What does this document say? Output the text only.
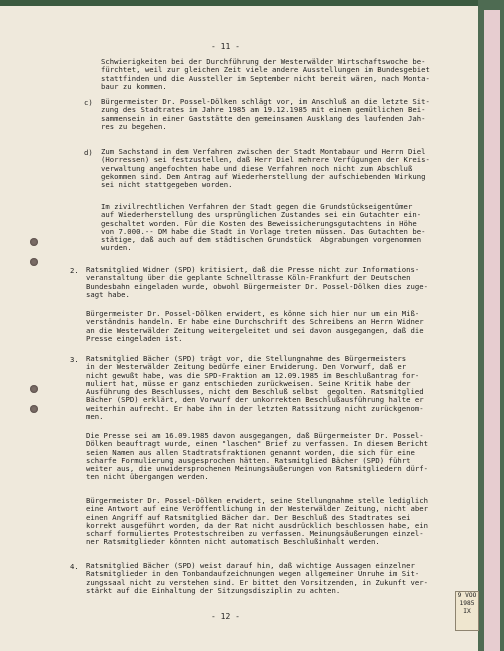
- 11 -
Schwierigkeiten bei der Durchführung der Westerwälder Wirtschaftswoche be-
fürchtet, weil zur gleichen Zeit viele andere Ausstellungen im Bundesgebiet
stattfinden und die Aussteller im September nicht bereit wären, nach Monta-
baur zu kommen.
c) Bürgermeister Dr. Possel-Dölken schlägt vor, im Anschluß an die letzte Sit-
zung des Stadtrates im Jahre 1985 am 19.12.1985 mit einem gemütlichen Bei-
sammensein in einer Gaststätte den gemeinsamen Ausklang des laufenden Jah-
res zu begehen.
d) Zum Sachstand in dem Verfahren zwischen der Stadt Montabaur und Herrn Diel
(Horressen) sei festzustellen, daß Herr Diel mehrere Verfügungen der Kreis-
verwaltung angefochten habe und diese Verfahren noch nicht zum Abschluß
gekommen sind. Dem Antrag auf Wiederherstellung der aufschiebenden Wirkung
sei nicht stattgegeben worden.
Im zivilrechtlichen Verfahren der Stadt gegen die Grundstückseigentümer
auf Wiederherstellung des ursprünglichen Zustandes sei ein Gutachter ein-
geschaltet worden. Für die Kosten des Beweissicherungsgutachtens in Höhe
von 7.000.-- DM habe die Stadt in Vorlage treten müssen. Das Gutachten be-
stätige, daß auch auf dem städtischen Grundstück  Abgrabungen vorgenommen
wurden.
2. Ratsmitglied Widner (SPD) kritisiert, daß die Presse nicht zur Informations-
veranstaltung über die geplante Schnelltrasse Köln-Frankfurt der Deutschen
Bundesbahn eingeladen wurde, obwohl Bürgermeister Dr. Possel-Dölken dies zuge-
sagt habe.
Bürgermeister Dr. Possel-Dölken erwidert, es könne sich hier nur um ein Miß-
verständnis handeln. Er habe eine Durchschrift des Schreibens an Herrn Widner
an die Westerwälder Zeitung weitergeleitet und sei davon ausgegangen, daß die
Presse eingeladen ist.
3. Ratsmitglied Bächer (SPD) trägt vor, die Stellungnahme des Bürgermeisters
in der Westerwälder Zeitung bedürfe einer Erwiderung. Den Vorwurf, daß er
nicht gewußt habe, was die SPD-Fraktion am 12.09.1985 im Beschlußantrag for-
muliert hat, müsse er ganz entschieden zurückweisen. Seine Kritik habe der
Ausführung des Beschlusses, nicht dem Beschluß selbst  gegolten. Ratsmitglied
Bächer (SPD) erklärt, den Vorwurf der unkorrekten Beschlußausführung halte er
weiterhin aufrecht. Er habe ihn in der letzten Ratssitzung nicht zurückgenom-
men.
Die Presse sei am 16.09.1985 davon ausgegangen, daß Bürgermeister Dr. Possel-
Dölken beauftragt wurde, einen "laschen" Brief zu verfassen. In diesem Bericht
seien Namen aus allen Stadtratsfraktionen genannt worden, die sich für eine
scharfe Formulierung ausgesprochen hätten. Ratsmitglied Bächer (SPD) führt
weiter aus, die unwidersprochenen Meinungsäußerungen von Ratsmitgliedern dürf-
ten nicht übergangen werden.
Bürgermeister Dr. Possel-Dölken erwidert, seine Stellungnahme stelle lediglich
eine Antwort auf eine Veröffentlichung in der Westerwälder Zeitung, nicht aber
einen Angriff auf Ratsmitglied Bächer dar. Der Beschluß des Stadtrates sei
korrekt ausgeführt worden, da der Rat nicht ausdrücklich beschlossen habe, ein
scharf formuliertes Protestschreiben zu verfassen. Meinungsäußerungen einzel-
ner Ratsmitglieder könnten nicht automatisch Beschlußinhalt werden.
4. Ratsmitglied Bächer (SPD) weist darauf hin, daß wichtige Aussagen einzelner
Ratsmitglieder in den Tonbandaufzeichnungen wegen allgemeiner Unruhe im Sit-
zungssaal nicht zu verstehen sind. Er bittet den Vorsitzenden, in Zukunft ver-
stärkt auf die Einhaltung der Sitzungsdisziplin zu achten.
- 12 -
9 VOO
1985
IX
